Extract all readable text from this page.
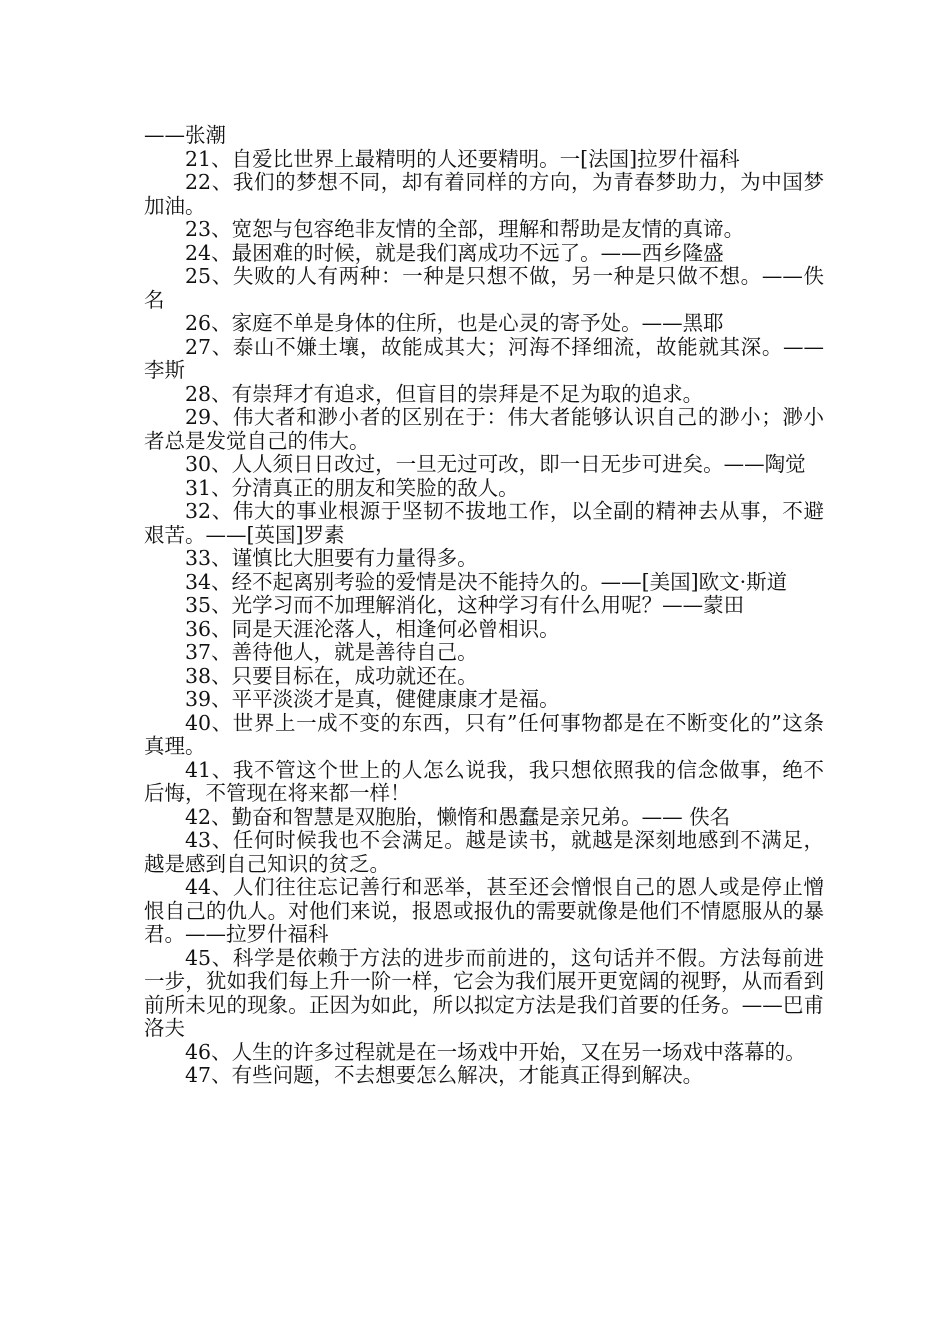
——张潮

21、自爱比世界上最精明的人还要精明。一[法国]拉罗什福科

22、我们的梦想不同，却有着同样的方向，为青春梦助力，为中国梦加油。

23、宽恕与包容绝非友情的全部，理解和帮助是友情的真谛。

24、最困难的时候，就是我们离成功不远了。——西乡隆盛

25、失败的人有两种：一种是只想不做，另一种是只做不想。——佚名

26、家庭不单是身体的住所，也是心灵的寄予处。——黑耶

27、泰山不嫌土壤，故能成其大；河海不择细流，故能就其深。——李斯

28、有崇拜才有追求，但盲目的崇拜是不足为取的追求。

29、伟大者和渺小者的区别在于：伟大者能够认识自己的渺小；渺小者总是发觉自己的伟大。

30、人人须日日改过，一旦无过可改，即一日无步可进矣。——陶觉

31、分清真正的朋友和笑脸的敌人。

32、伟大的事业根源于坚韧不拔地工作，以全副的精神去从事，不避艰苦。——[英国]罗素

33、谨慎比大胆要有力量得多。

34、经不起离别考验的爱情是决不能持久的。——[美国]欧文·斯道

35、光学习而不加理解消化，这种学习有什么用呢？——蒙田

36、同是天涯沦落人，相逢何必曾相识。

37、善待他人，就是善待自己。

38、只要目标在，成功就还在。

39、平平淡淡才是真，健健康康才是福。

40、世界上一成不变的东西，只有”任何事物都是在不断变化的”这条真理。

41、我不管这个世上的人怎么说我，我只想依照我的信念做事，绝不后悔，不管现在将来都一样！

42、勤奋和智慧是双胞胎，懒惰和愚蠢是亲兄弟。—— 佚名

43、任何时候我也不会满足。越是读书，就越是深刻地感到不满足，越是感到自己知识的贫乏。

44、人们往往忘记善行和恶举，甚至还会憎恨自己的恩人或是停止憎恨自己的仇人。对他们来说，报恩或报仇的需要就像是他们不情愿服从的暴君。——拉罗什福科

45、科学是依赖于方法的进步而前进的，这句话并不假。方法每前进一步，犹如我们每上升一阶一样，它会为我们展开更宽阔的视野，从而看到前所未见的现象。正因为如此，所以拟定方法是我们首要的任务。——巴甫洛夫

46、人生的许多过程就是在一场戏中开始，又在另一场戏中落幕的。

47、有些问题，不去想要怎么解决，才能真正得到解决。
